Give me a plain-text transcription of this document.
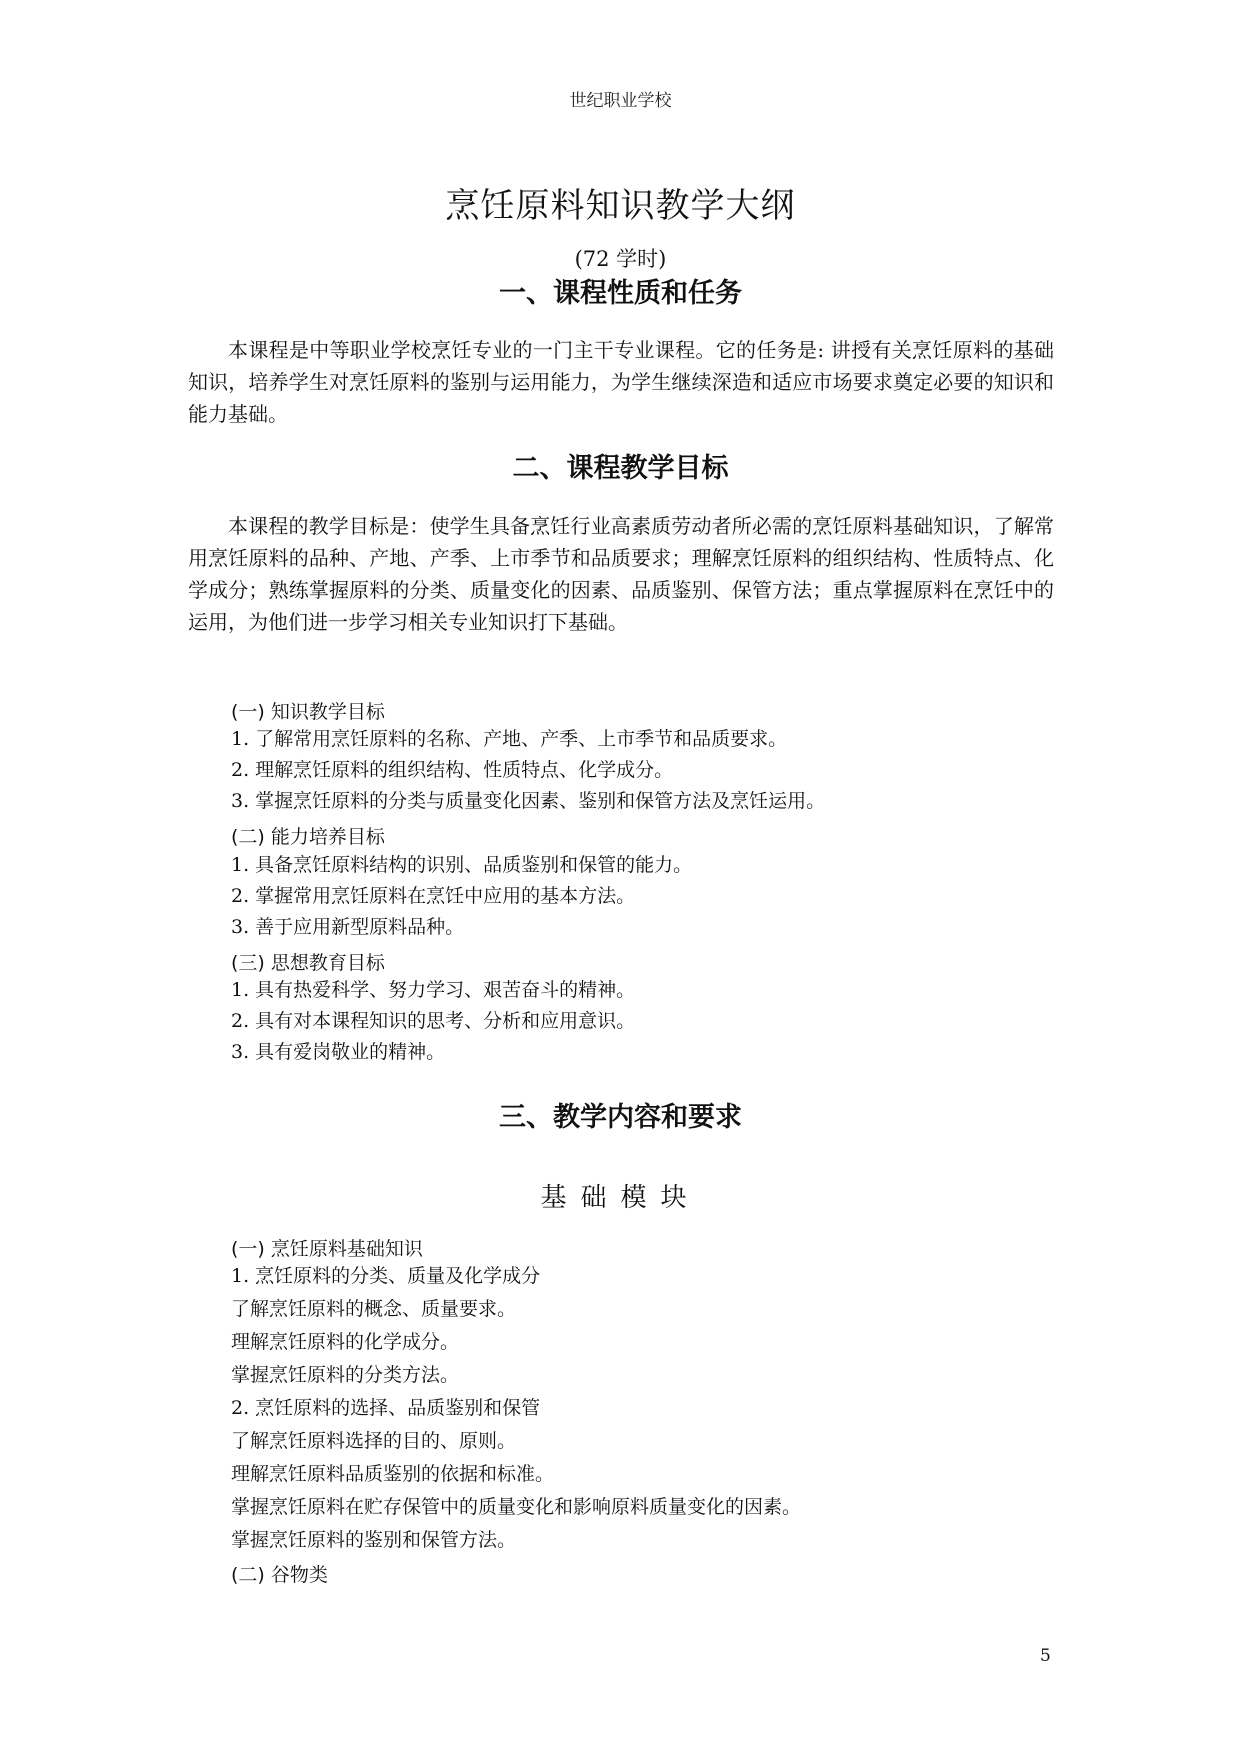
世纪职业学校

烹饪原料知识教学大纲

(72 学时)

一、课程性质和任务

本课程是中等职业学校烹饪专业的一门主干专业课程。它的任务是: 讲授有关烹饪原料的基础知识，培养学生对烹饪原料的鉴别与运用能力，为学生继续深造和适应市场要求奠定必要的知识和能力基础。

二、课程教学目标

本课程的教学目标是：使学生具备烹饪行业高素质劳动者所必需的烹饪原料基础知识，了解常用烹饪原料的品种、产地、产季、上市季节和品质要求；理解烹饪原料的组织结构、性质特点、化学成分；熟练掌握原料的分类、质量变化的因素、品质鉴别、保管方法；重点掌握原料在烹饪中的运用，为他们进一步学习相关专业知识打下基础。

(一) 知识教学目标

1. 了解常用烹饪原料的名称、产地、产季、上市季节和品质要求。

2. 理解烹饪原料的组织结构、性质特点、化学成分。

3. 掌握烹饪原料的分类与质量变化因素、鉴别和保管方法及烹饪运用。

(二) 能力培养目标

1. 具备烹饪原料结构的识别、品质鉴别和保管的能力。

2. 掌握常用烹饪原料在烹饪中应用的基本方法。

3. 善于应用新型原料品种。

(三) 思想教育目标

1. 具有热爱科学、努力学习、艰苦奋斗的精神。

2. 具有对本课程知识的思考、分析和应用意识。

3. 具有爱岗敬业的精神。

三、教学内容和要求

基础模块

(一) 烹饪原料基础知识

1. 烹饪原料的分类、质量及化学成分

了解烹饪原料的概念、质量要求。

理解烹饪原料的化学成分。

掌握烹饪原料的分类方法。

2. 烹饪原料的选择、品质鉴别和保管

了解烹饪原料选择的目的、原则。

理解烹饪原料品质鉴别的依据和标准。

掌握烹饪原料在贮存保管中的质量变化和影响原料质量变化的因素。

掌握烹饪原料的鉴别和保管方法。

(二) 谷物类

5
